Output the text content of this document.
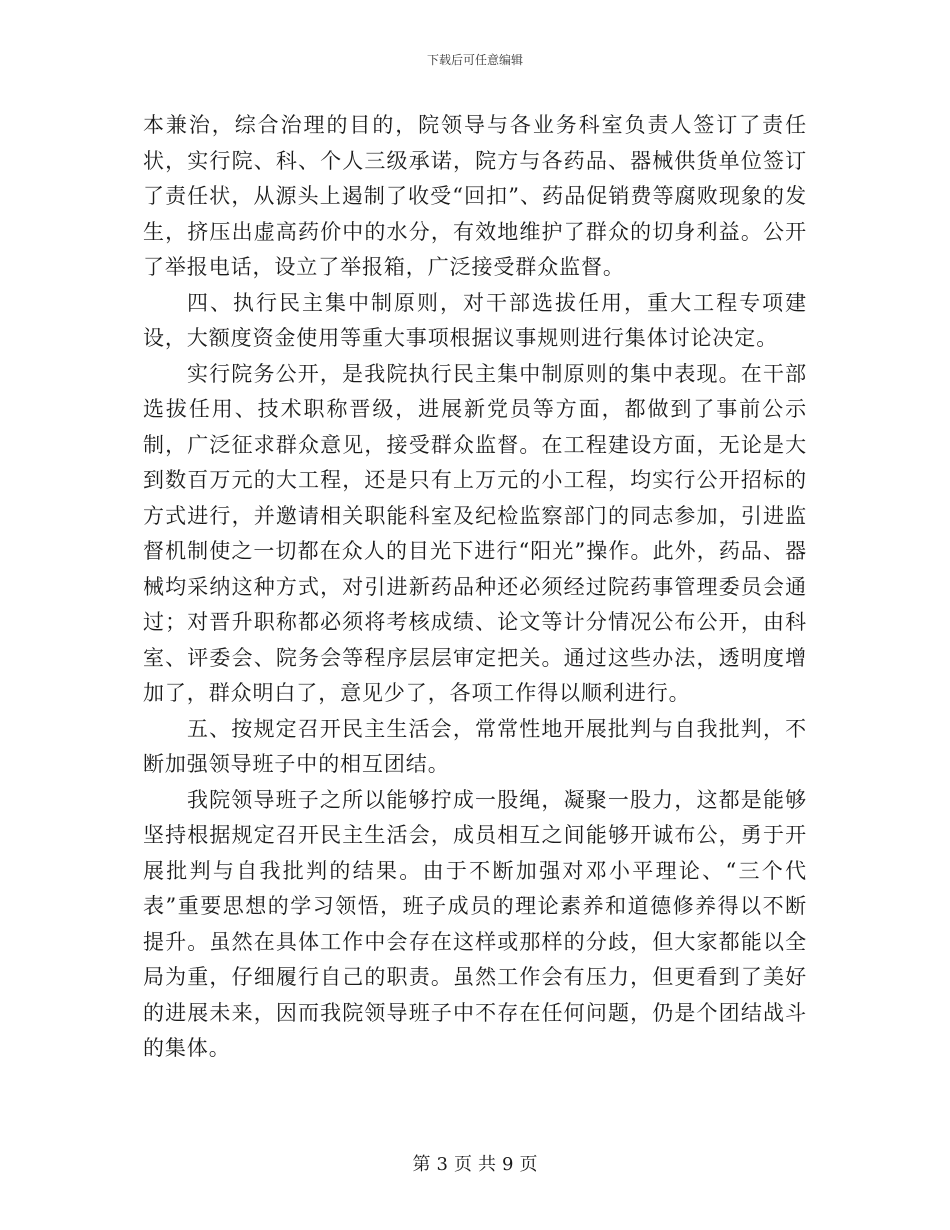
下载后可任意编辑

本兼治，综合治理的目的，院领导与各业务科室负责人签订了责任状，实行院、科、个人三级承诺，院方与各药品、器械供货单位签订了责任状，从源头上遏制了收受“回扣”、药品促销费等腐败现象的发生，挤压出虚高药价中的水分，有效地维护了群众的切身利益。公开了举报电话，设立了举报箱，广泛接受群众监督。

四、执行民主集中制原则，对干部选拔任用，重大工程专项建设，大额度资金使用等重大事项根据议事规则进行集体讨论决定。

实行院务公开，是我院执行民主集中制原则的集中表现。在干部选拔任用、技术职称晋级，进展新党员等方面，都做到了事前公示制，广泛征求群众意见，接受群众监督。在工程建设方面，无论是大到数百万元的大工程，还是只有上万元的小工程，均实行公开招标的方式进行，并邀请相关职能科室及纪检监察部门的同志参加，引进监督机制使之一切都在众人的目光下进行“阳光”操作。此外，药品、器械均采纳这种方式，对引进新药品种还必须经过院药事管理委员会通过；对晋升职称都必须将考核成绩、论文等计分情况公布公开，由科室、评委会、院务会等程序层层审定把关。通过这些办法，透明度增加了，群众明白了，意见少了，各项工作得以顺利进行。

五、按规定召开民主生活会，常常性地开展批判与自我批判，不断加强领导班子中的相互团结。

我院领导班子之所以能够拧成一股绳，凝聚一股力，这都是能够坚持根据规定召开民主生活会，成员相互之间能够开诚布公，勇于开展批判与自我批判的结果。由于不断加强对邓小平理论、“三个代表”重要思想的学习领悟，班子成员的理论素养和道德修养得以不断提升。虽然在具体工作中会存在这样或那样的分歧，但大家都能以全局为重，仔细履行自己的职责。虽然工作会有压力，但更看到了美好的进展未来，因而我院领导班子中不存在任何问题，仍是个团结战斗的集体。

第 3 页 共 9 页
